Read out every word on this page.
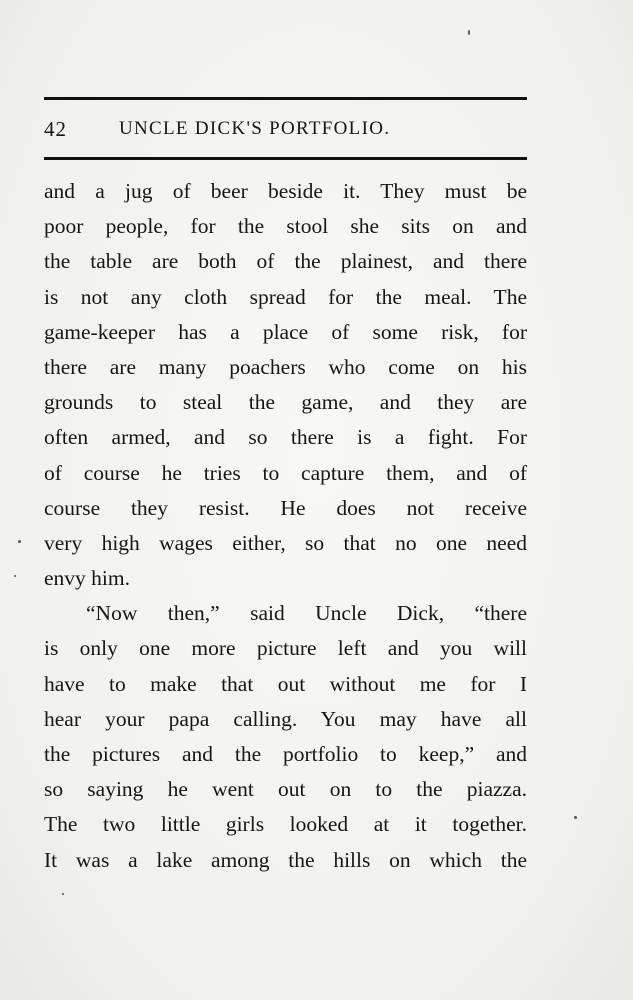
42	UNCLE DICK'S PORTFOLIO.
and a jug of beer beside it. They must be
poor people, for the stool she sits on and
the table are both of the plainest, and there
is not any cloth spread for the meal. The
game-keeper has a place of some risk, for
there are many poachers who come on his
grounds to steal the game, and they are
often armed, and so there is a fight. For
of course he tries to capture them, and of
course they resist. He does not receive
very high wages either, so that no one need
envy him.
“Now then,” said Uncle Dick, “there
is only one more picture left and you will
have to make that out without me for I
hear your papa calling. You may have all
the pictures and the portfolio to keep,” and
so saying he went out on to the piazza.
The two little girls looked at it together.
It was a lake among the hills on which the
